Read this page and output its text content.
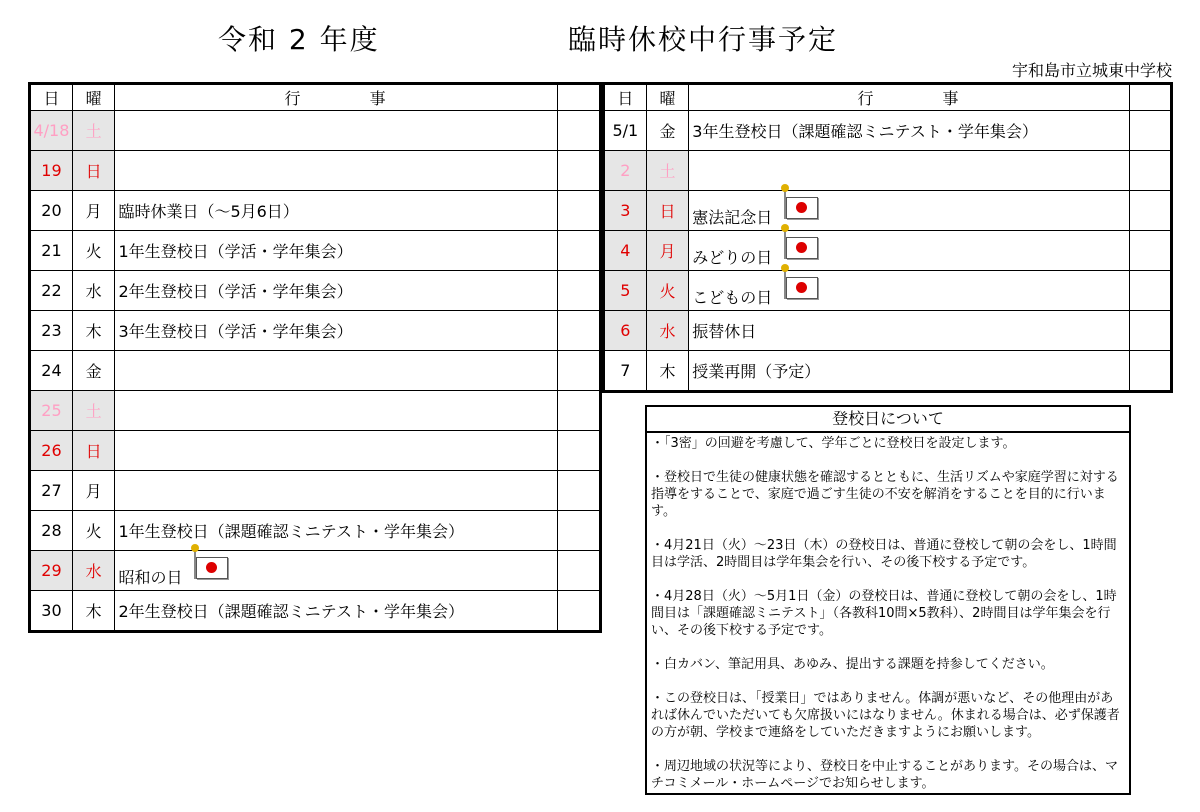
令和 2 年度	臨時休校中行事予定
宇和島市立城東中学校
日	曜	行 事	
4/18	土		
19	日		
20	月	臨時休業日（～5月6日）	
21	火	1年生登校日（学活・学年集会）	
22	水	2年生登校日（学活・学年集会）	
23	木	3年生登校日（学活・学年集会）	
24	金		
25	土		
26	日		
27	月		
28	火	1年生登校日（課題確認ミニテスト・学年集会）	
29	水	昭和の日

30	木	2年生登校日（課題確認ミニテスト・学年集会）	
日	曜	行 事	
5/1	金	3年生登校日（課題確認ミニテスト・学年集会）	
2	土		
3	日	憲法記念日

4	月	みどりの日

5	火	こどもの日

6	水	振替休日	
7	木	授業再開（予定）	
登校日について

・「3密」の回避を考慮して、学年ごとに登校日を設定します。

・登校日で生徒の健康状態を確認するとともに、生活リズムや家庭学習に対する指導をすることで、家庭で過ごす生徒の不安を解消をすることを目的に行います。

・4月21日（火）～23日（木）の登校日は、普通に登校して朝の会をし、1時間目は学活、2時間目は学年集会を行い、その後下校する予定です。

・4月28日（火）～5月1日（金）の登校日は、普通に登校して朝の会をし、1時間目は「課題確認ミニテスト」（各教科10問×5教科）、2時間目は学年集会を行い、その後下校する予定です。

・白カバン、筆記用具、あゆみ、提出する課題を持参してください。

・この登校日は、「授業日」ではありません。体調が悪いなど、その他理由があれば休んでいただいても欠席扱いにはなりません。休まれる場合は、必ず保護者の方が朝、学校まで連絡をしていただきますようにお願いします。

・周辺地域の状況等により、登校日を中止することがあります。その場合は、マチコミメール・ホームページでお知らせします。
